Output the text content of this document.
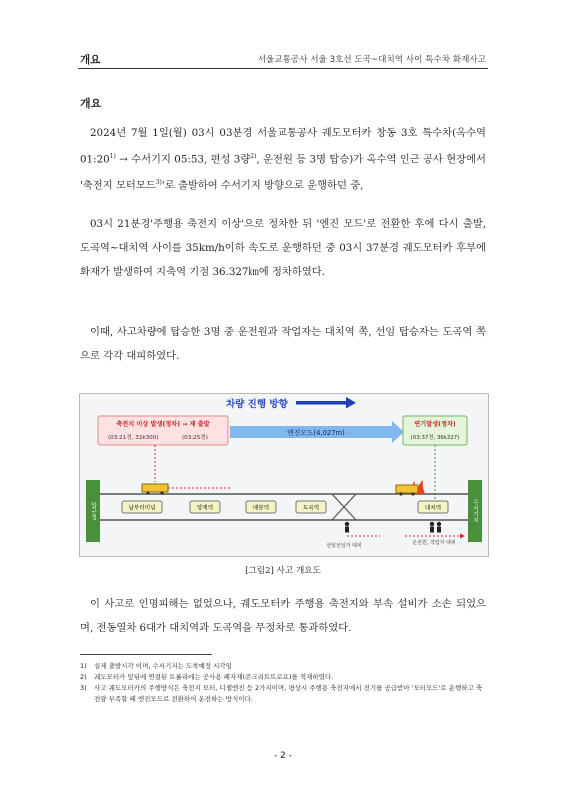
개요	서울교통공사 서울 3호선 도곡~대치역 사이 특수차 화재사고
개요

2024년 7월 1일(월) 03시 03분경 서울교통공사 궤도모터카 창동 3호 특수차(옥수역 $01:20^{1)}$ → 수서기지 05:53, 편성 3량$^{2)}$, 운전원 등 3명 탑승)가 옥수역 인근 공사 현장에서 '축전지 모터모드$^{3)}$'로 출발하여 수서기지 방향으로 운행하던 중,

03시 21분경'주행용 축전지 이상'으로 정차한 뒤 '엔진 모드'로 전환한 후에 다시 출발, 도곡역~대치역 사이를 35km/h이하 속도로 운행하던 중 03시 37분경 궤도모터카 후부에 화재가 발생하여 지축역 기점 36.327㎞에 정차하였다.

이때, 사고차량에 탑승한 3명 중 운전원과 작업자는 대치역 쪽, 선임 탑승자는 도곡역 쪽으로 각각 대피하였다.

차량 진행 방향
축전지 이상 발생(정차) → 재 출발
(03:21경, 32k300)	(03:25경)
엔진모드(4,027m)
연기발생(정차)
(03:37경, 36k327)
압구정	수서기지
남부터미널	양재역	매봉역	도곡역	대치역
선임선임자 대피	운전원, 작업자 대피
[그림2] 사고 개요도

이 사고로 인명피해는 없었으나, 궤도모터카 주행용 축전지와 부속 설비가 소손 되었으며, 전동열차 6대가 대치역과 도곡역을 무정차로 통과하였다.

1)	실제 출발시각 이며, 수서기지는 도착예정 시각임
2)	궤도모터카 앞뒤에 연결된 트롤리에는 공사용 폐자재(콘크리트트로프)를 적재하였다.
3)	사고 궤도모터카의 주행방식은 축전지 모터, 디젤엔진 등 2가지이며, 평상시 주행용 축전지에서 전기를 공급받아 '모터모드'로 운행하고 축전량 부족할 때 엔진모드로 전환하여 운전하는 방식이다.
- 2 -
